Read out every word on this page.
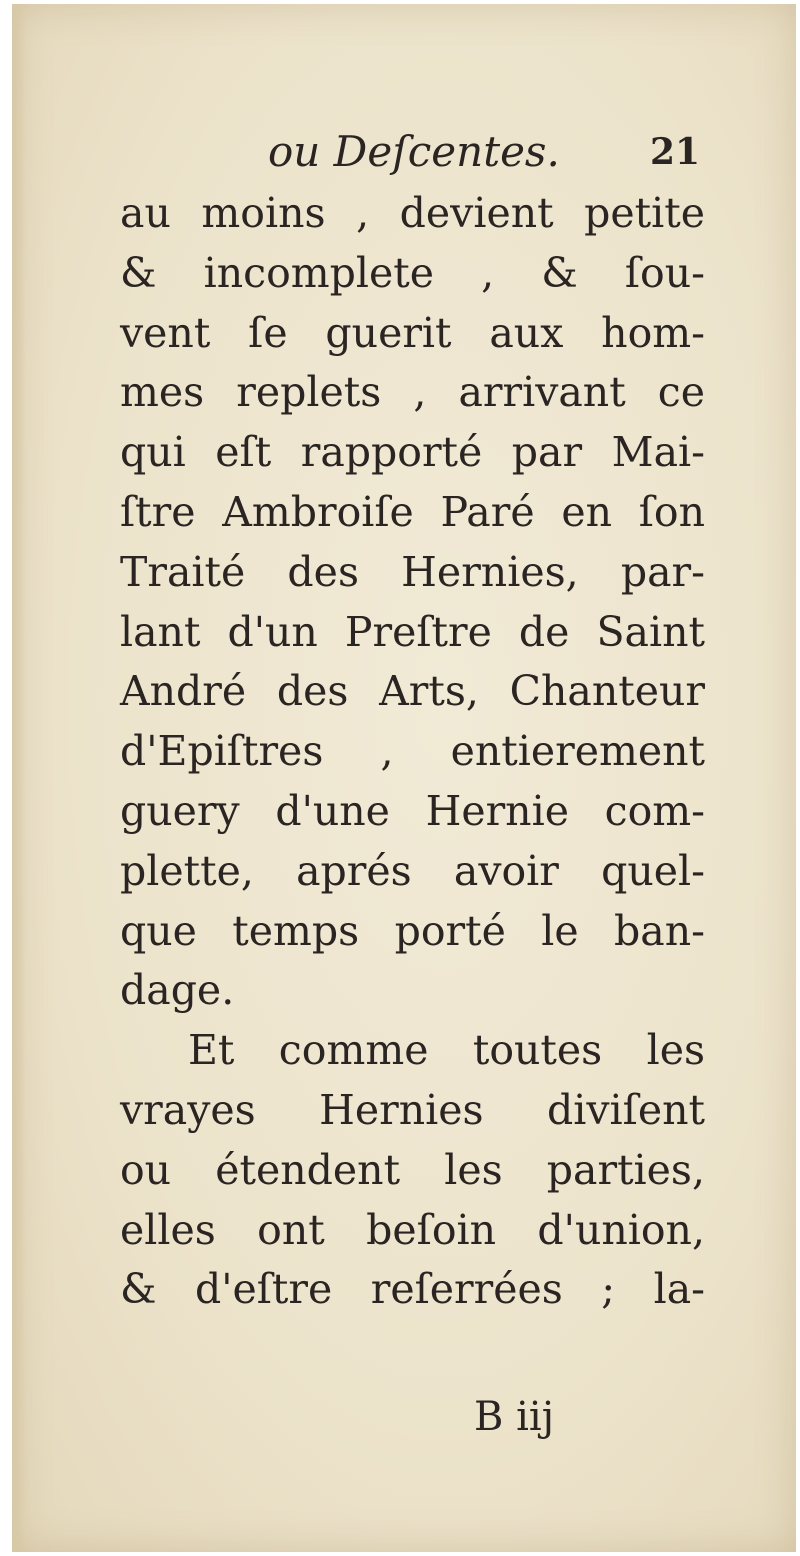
ou Deſcentes.	21
au moins , devient petite
& incomplete , & ſou-
vent ſe guerit aux hom-
mes replets , arrivant ce
qui eſt rapporté par Mai-
ſtre Ambroiſe Paré en ſon
Traité des Hernies, par-
lant d'un Preſtre de Saint
André des Arts, Chanteur
d'Epiſtres , entierement
guery d'une Hernie com-
plette, aprés avoir quel-
que temps porté le ban-
dage.
Et comme toutes les
vrayes Hernies diviſent
ou étendent les parties,
elles ont beſoin d'union,
& d'eſtre reſerrées ; la-
B iij
